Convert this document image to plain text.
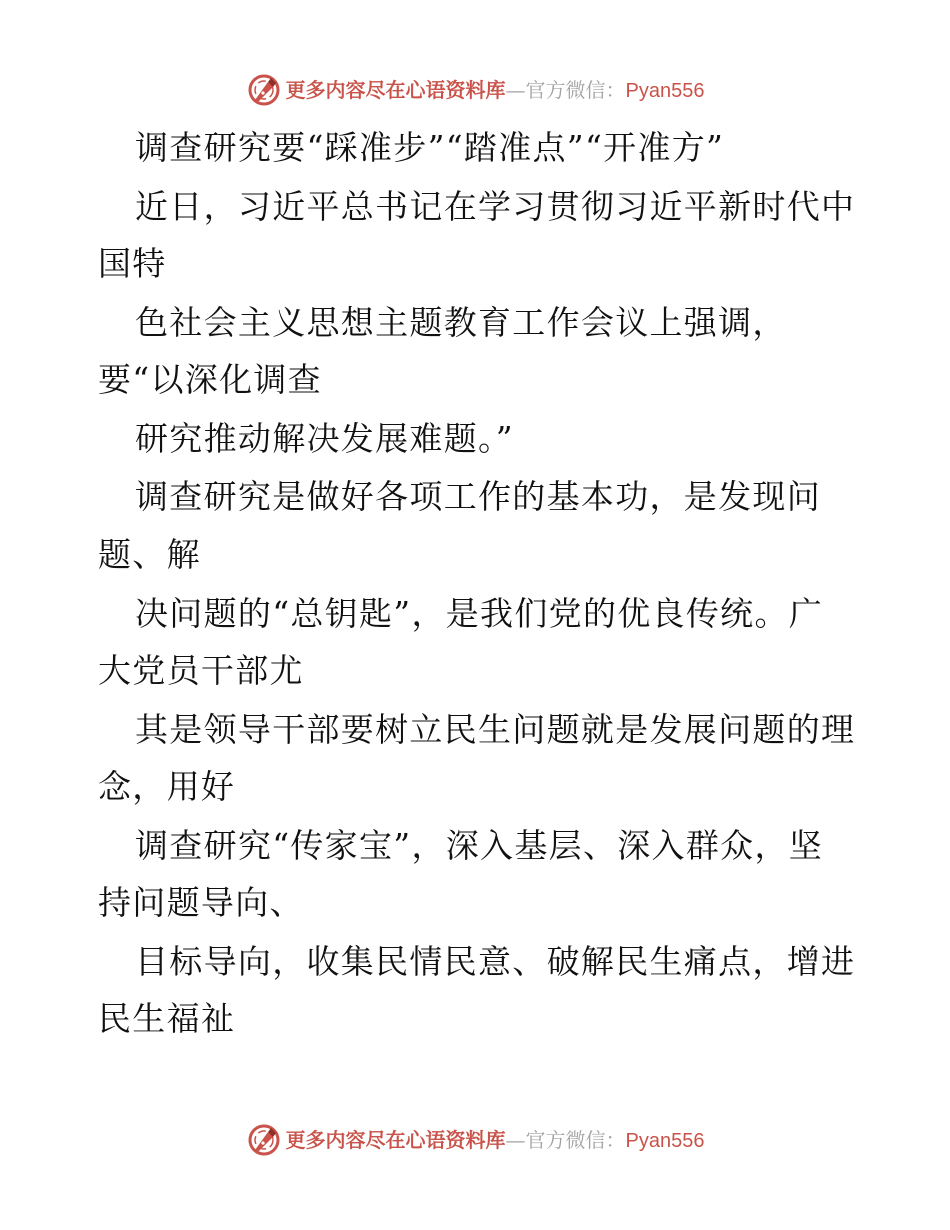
更多内容尽在心语资料库—官方微信：Pyan556
调查研究要“踩准步”“踏准点”“开准方”
近日，习近平总书记在学习贯彻习近平新时代中
国特
色社会主义思想主题教育工作会议上强调，
要“以深化调查
研究推动解决发展难题。”
调查研究是做好各项工作的基本功，是发现问
题、解
决问题的“总钥匙”，是我们党的优良传统。广
大党员干部尤
其是领导干部要树立民生问题就是发展问题的理
念，用好
调查研究“传家宝”，深入基层、深入群众，坚
持问题导向、
目标导向，收集民情民意、破解民生痛点，增进
民生福祉
更多内容尽在心语资料库—官方微信：Pyan556
